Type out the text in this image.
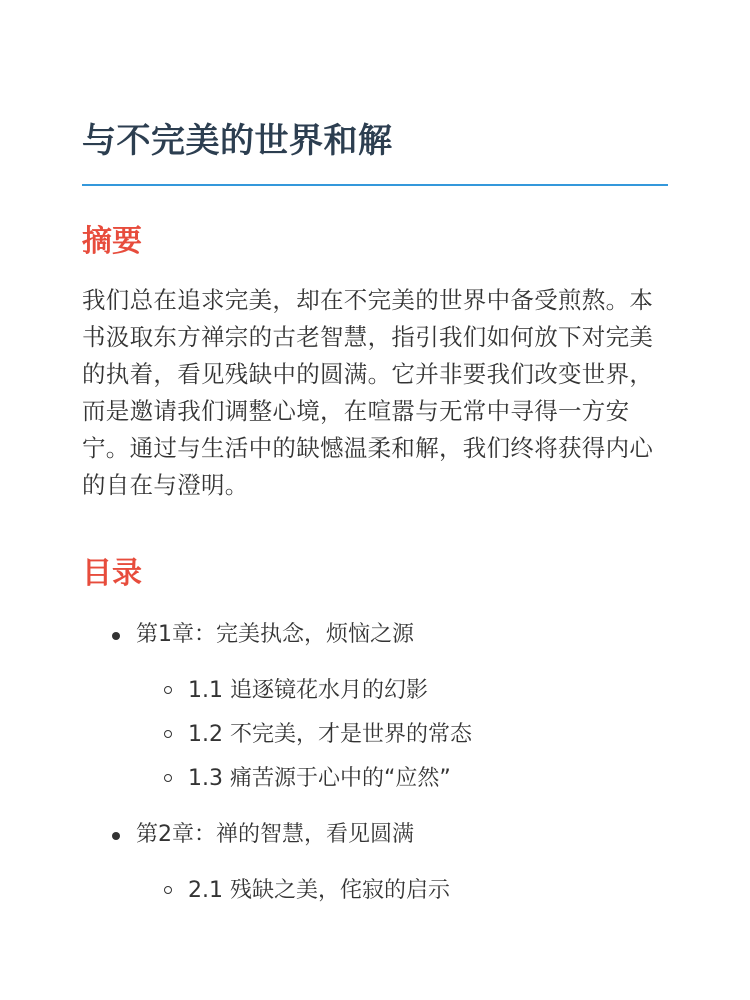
与不完美的世界和解
摘要

我们总在追求完美，却在不完美的世界中备受煎熬。本书汲取东方禅宗的古老智慧，指引我们如何放下对完美的执着，看见残缺中的圆满。它并非要我们改变世界，而是邀请我们调整心境，在喧嚣与无常中寻得一方安宁。通过与生活中的缺憾温柔和解，我们终将获得内心的自在与澄明。

目录
第1章：完美执念，烦恼之源
1.1 追逐镜花水月的幻影
1.2 不完美，才是世界的常态
1.3 痛苦源于心中的“应然”
第2章：禅的智慧，看见圆满
2.1 残缺之美，侘寂的启示
